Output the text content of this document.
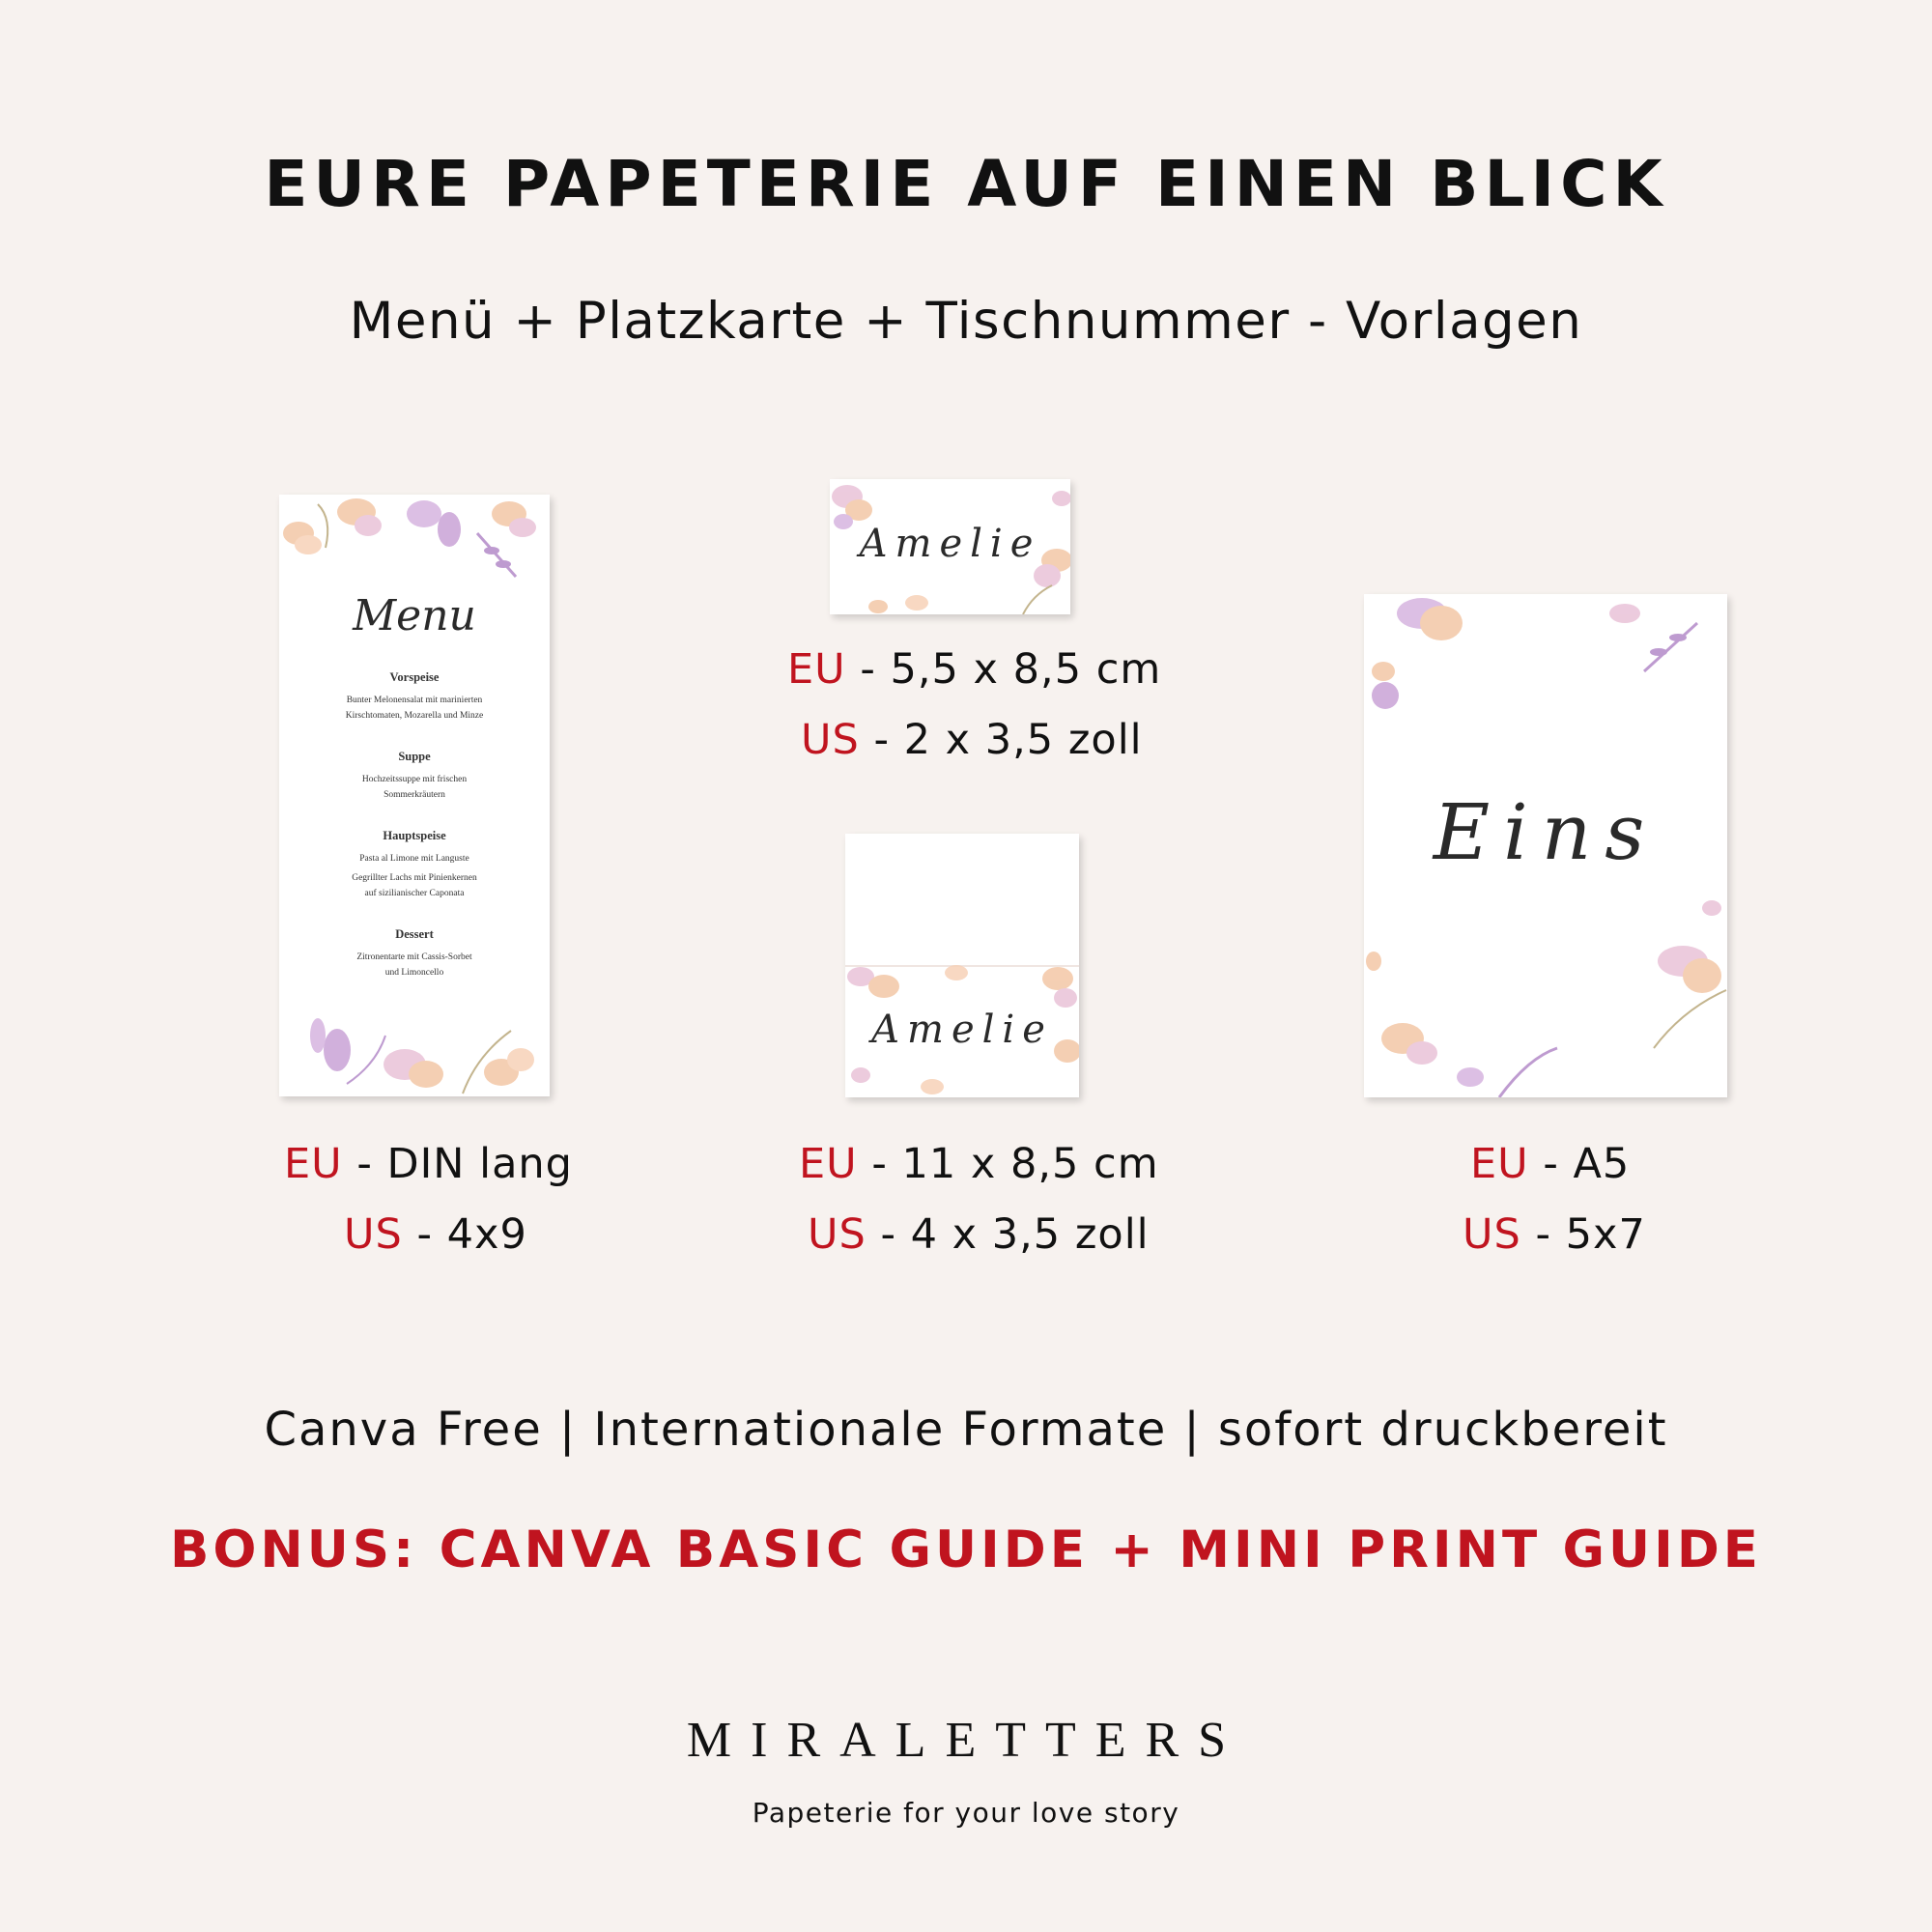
EURE PAPETERIE AUF EINEN BLICK
Menü + Platzkarte + Tischnummer - Vorlagen
Menu
Vorspeise
Bunter Melonensalat mit marinierten
Kirschtomaten, Mozarella und Minze
Suppe
Hochzeitssuppe mit frischen
Sommerkräutern
Hauptspeise
Pasta al Limone mit Languste
Gegrillter Lachs mit Pinienkernen
auf sizilianischer Caponata
Dessert
Zitronentarte mit Cassis-Sorbet
und Limoncello
Amelie
EU - 5,5 x 8,5 cm
US - 2 x 3,5 zoll
Amelie
Eins
EU - DIN lang
US - 4x9
EU - 11 x 8,5 cm
US - 4 x 3,5 zoll
EU - A5
US - 5x7
Canva Free | Internationale Formate | sofort druckbereit
BONUS: CANVA BASIC GUIDE + MINI PRINT GUIDE
MIRALETTERS
Papeterie for your love story
